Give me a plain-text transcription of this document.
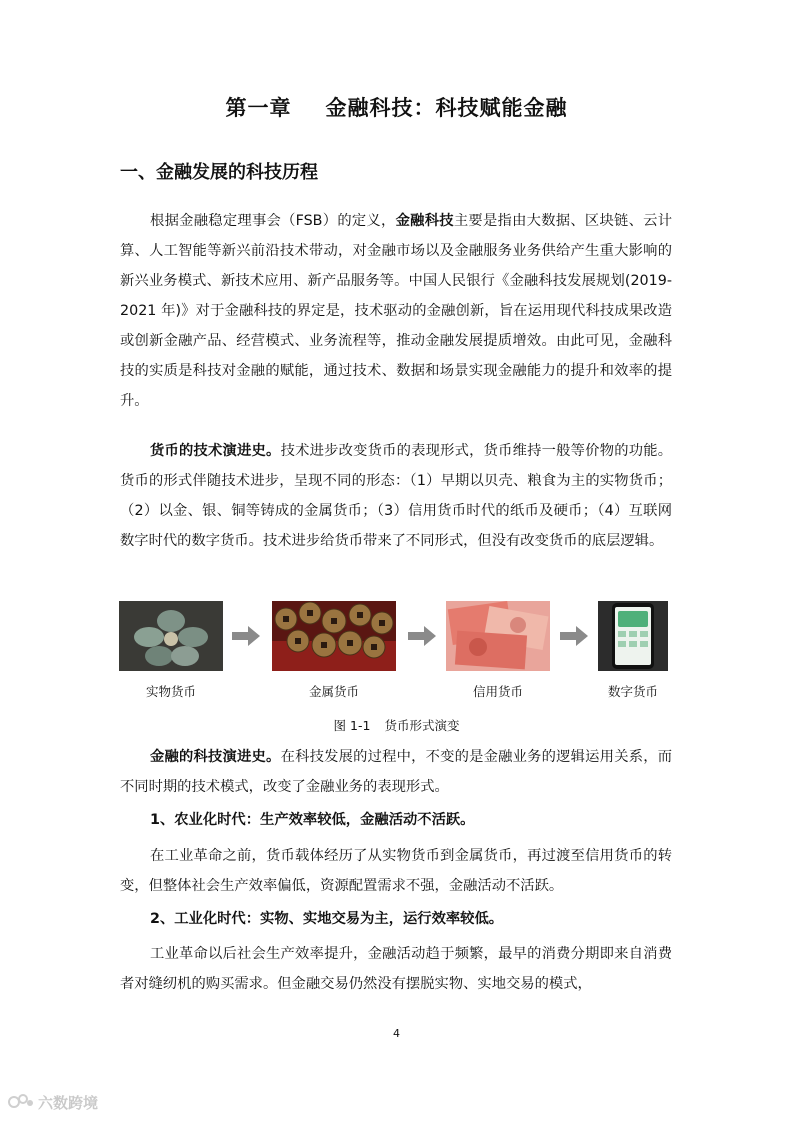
第一章 金融科技：科技赋能金融
一、金融发展的科技历程

根据金融稳定理事会（FSB）的定义，金融科技主要是指由大数据、区块链、云计算、人工智能等新兴前沿技术带动，对金融市场以及金融服务业务供给产生重大影响的新兴业务模式、新技术应用、新产品服务等。中国人民银行《金融科技发展规划(2019-2021 年)》对于金融科技的界定是，技术驱动的金融创新，旨在运用现代科技成果改造或创新金融产品、经营模式、业务流程等，推动金融发展提质增效。由此可见，金融科技的实质是科技对金融的赋能，通过技术、数据和场景实现金融能力的提升和效率的提升。

货币的技术演进史。技术进步改变货币的表现形式，货币维持一般等价物的功能。货币的形式伴随技术进步，呈现不同的形态：（1）早期以贝壳、粮食为主的实物货币；（2）以金、银、铜等铸成的金属货币；（3）信用货币时代的纸币及硬币；（4）互联网数字时代的数字货币。技术进步给货币带来了不同形式，但没有改变货币的底层逻辑。

实物货币	金属货币	信用货币	数字货币
图 1-1 货币形式演变

金融的科技演进史。在科技发展的过程中，不变的是金融业务的逻辑运用关系，而不同时期的技术模式，改变了金融业务的表现形式。

1、农业化时代：生产效率较低，金融活动不活跃。

在工业革命之前，货币载体经历了从实物货币到金属货币，再过渡至信用货币的转变，但整体社会生产效率偏低，资源配置需求不强，金融活动不活跃。

2、工业化时代：实物、实地交易为主，运行效率较低。

工业革命以后社会生产效率提升，金融活动趋于频繁，最早的消费分期即来自消费者对缝纫机的购买需求。但金融交易仍然没有摆脱实物、实地交易的模式，

4
六数跨境
